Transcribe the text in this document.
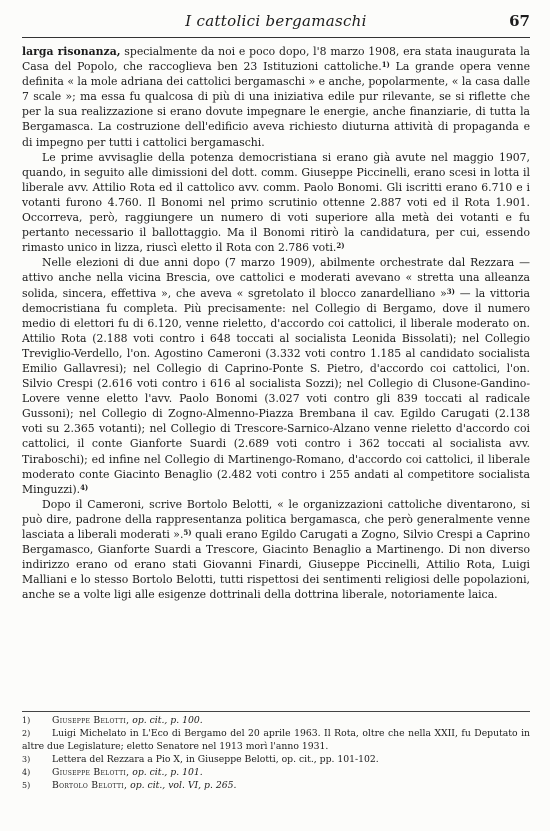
I cattolici bergamaschi	67

larga risonanza, specialmente da noi e poco dopo, l'8 marzo 1908, era stata inaugurata la Casa del Popolo, che raccoglieva ben 23 Istituzioni cattoliche.$^{1)}$ La grande opera venne definita « la mole adriana dei cattolici bergamaschi » e anche, popolarmente, « la casa dalle 7 scale »; ma essa fu qualcosa di più di una iniziativa edile pur rilevante, se si riflette che per la sua realizzazione si erano dovute impegnare le energie, anche finanziarie, di tutta la Bergamasca. La costruzione dell'edificio aveva richiesto diuturna attività di propaganda e di impegno per tutti i cattolici bergamaschi.

Le prime avvisaglie della potenza democristiana si erano già avute nel maggio 1907, quando, in seguito alle dimissioni del dott. comm. Giuseppe Piccinelli, erano scesi in lotta il liberale avv. Attilio Rota ed il cattolico avv. comm. Paolo Bonomi. Gli iscritti erano 6.710 e i votanti furono 4.760. Il Bonomi nel primo scrutinio ottenne 2.887 voti ed il Rota 1.901. Occorreva, però, raggiungere un numero di voti superiore alla metà dei votanti e fu pertanto necessario il ballottaggio. Ma il Bonomi ritirò la candidatura, per cui, essendo rimasto unico in lizza, riuscì eletto il Rota con 2.786 voti.$^{2)}$

Nelle elezioni di due anni dopo (7 marzo 1909), abilmente orchestrate dal Rezzara — attivo anche nella vicina Brescia, ove cattolici e moderati avevano « stretta una alleanza solida, sincera, effettiva », che aveva « sgretolato il blocco zanardelliano »$^{3)}$ — la vittoria democristiana fu completa. Più precisamente: nel Collegio di Bergamo, dove il numero medio di elettori fu di 6.120, venne rieletto, d'accordo coi cattolici, il liberale moderato on. Attilio Rota (2.188 voti contro i 648 toccati al socialista Leonida Bissolati); nel Collegio Treviglio-Verdello, l'on. Agostino Cameroni (3.332 voti contro 1.185 al candidato socialista Emilio Gallavresi); nel Collegio di Caprino-Ponte S. Pietro, d'accordo coi cattolici, l'on. Silvio Crespi (2.616 voti contro i 616 al socialista Sozzi); nel Collegio di Clusone-Gandino-Lovere venne eletto l'avv. Paolo Bonomi (3.027 voti contro gli 839 toccati al radicale Gussoni); nel Collegio di Zogno-Almenno-Piazza Brembana il cav. Egildo Carugati (2.138 voti su 2.365 votanti); nel Collegio di Trescore-Sarnico-Alzano venne rieletto d'accordo coi cattolici, il conte Gianforte Suardi (2.689 voti contro i 362 toccati al socialista avv. Tiraboschi); ed infine nel Collegio di Martinengo-Romano, d'accordo coi cattolici, il liberale moderato conte Giacinto Benaglio (2.482 voti contro i 255 andati al competitore socialista Minguzzi).$^{4)}$

Dopo il Cameroni, scrive Bortolo Belotti, « le organizzazioni cattoliche diventarono, si può dire, padrone della rappresentanza politica bergamasca, che però generalmente venne lasciata a liberali moderati ».$^{5)}$ quali erano Egildo Carugati a Zogno, Silvio Crespi a Caprino Bergamasco, Gianforte Suardi a Trescore, Giacinto Benaglio a Martinengo. Di non diverso indirizzo erano od erano stati Giovanni Finardi, Giuseppe Piccinelli, Attilio Rota, Luigi Malliani e lo stesso Bortolo Belotti, tutti rispettosi dei sentimenti religiosi delle popolazioni, anche se a volte ligi alle esigenze dottrinali della dottrina liberale, notoriamente laica.

1) Giuseppe Belotti, op. cit., p. 100.

2) Luigi Michelato in L'Eco di Bergamo del 20 aprile 1963. Il Rota, oltre che nella XXII, fu Deputato in altre due Legislature; eletto Senatore nel 1913 morì l'anno 1931.

3) Lettera del Rezzara a Pio X, in Giuseppe Belotti, op. cit., pp. 101-102.

4) Giuseppe Belotti, op. cit., p. 101.

5) Bortolo Belotti, op. cit., vol. VI, p. 265.
